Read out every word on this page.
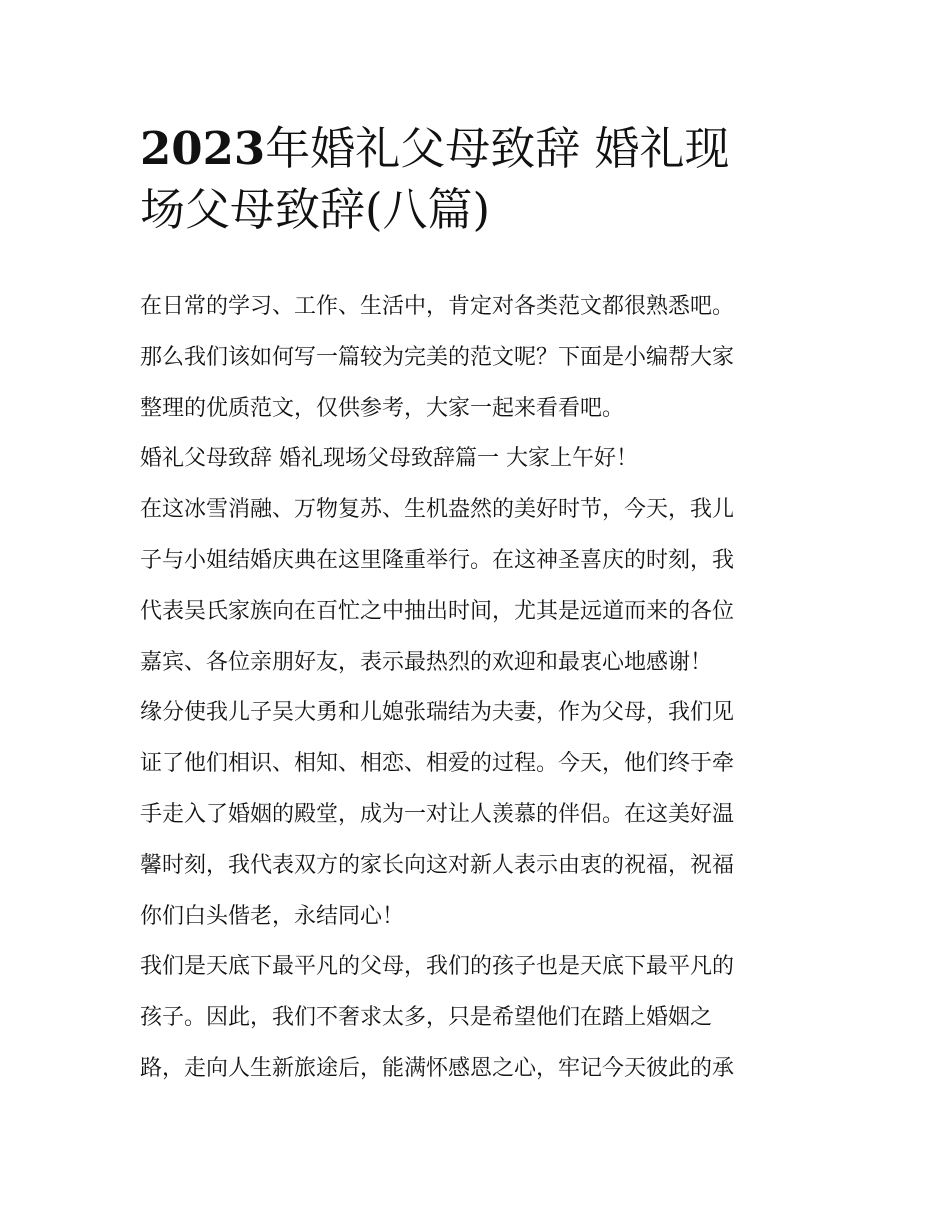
2023年婚礼父母致辞 婚礼现
场父母致辞(八篇)
在日常的学习、工作、生活中，肯定对各类范文都很熟悉吧。
那么我们该如何写一篇较为完美的范文呢？下面是小编帮大家
整理的优质范文，仅供参考，大家一起来看看吧。
婚礼父母致辞 婚礼现场父母致辞篇一 大家上午好！
在这冰雪消融、万物复苏、生机盎然的美好时节，今天，我儿
子与小姐结婚庆典在这里隆重举行。在这神圣喜庆的时刻，我
代表吴氏家族向在百忙之中抽出时间，尤其是远道而来的各位
嘉宾、各位亲朋好友，表示最热烈的欢迎和最衷心地感谢！
缘分使我儿子吴大勇和儿媳张瑞结为夫妻，作为父母，我们见
证了他们相识、相知、相恋、相爱的过程。今天，他们终于牵
手走入了婚姻的殿堂，成为一对让人羡慕的伴侣。在这美好温
馨时刻，我代表双方的家长向这对新人表示由衷的祝福，祝福
你们白头偕老，永结同心！
我们是天底下最平凡的父母，我们的孩子也是天底下最平凡的
孩子。因此，我们不奢求太多，只是希望他们在踏上婚姻之
路，走向人生新旅途后，能满怀感恩之心，牢记今天彼此的承
